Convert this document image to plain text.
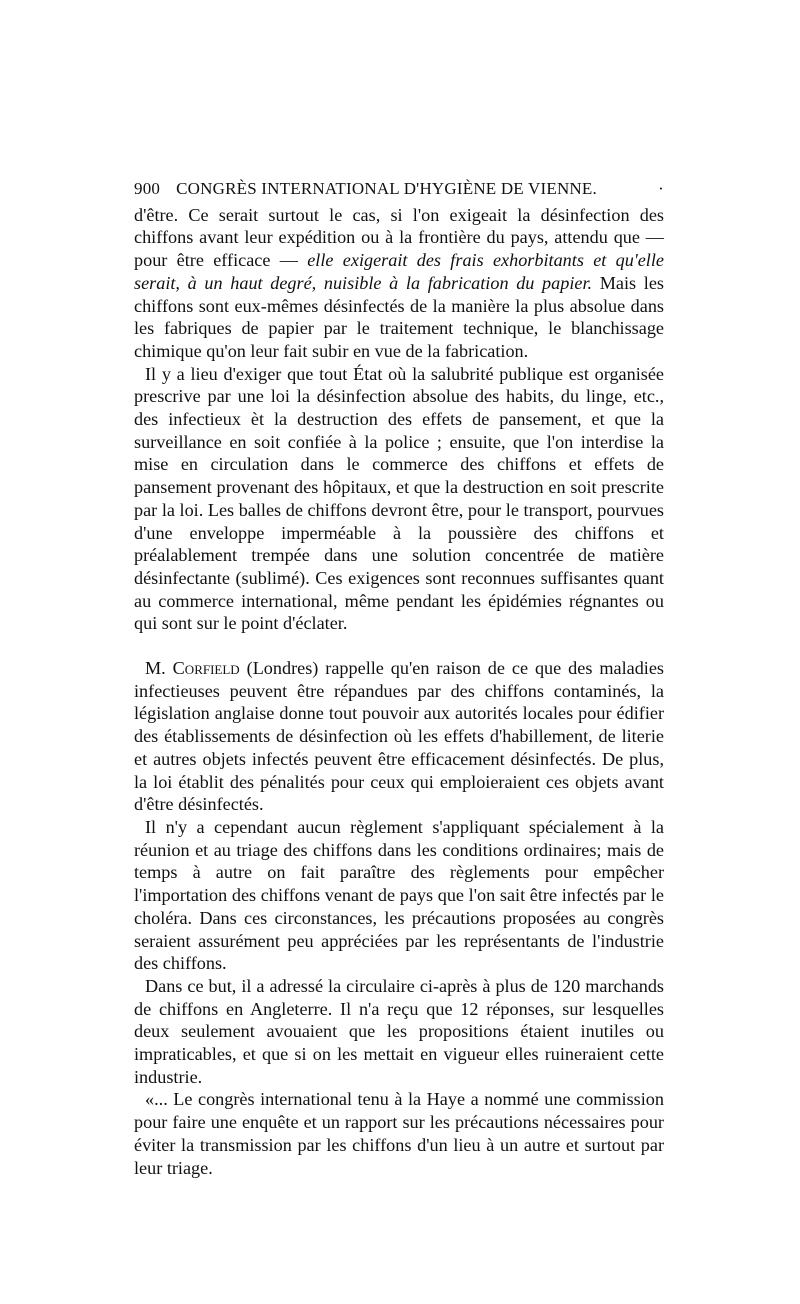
900 CONGRÈS INTERNATIONAL D'HYGIÈNE DE VIENNE.	·

d'être. Ce serait surtout le cas, si l'on exigeait la désinfection des chiffons avant leur expédition ou à la frontière du pays, attendu que — pour être efficace — elle exigerait des frais exhorbitants et qu'elle serait, à un haut degré, nuisible à la fabrication du papier. Mais les chiffons sont eux-mêmes désinfectés de la manière la plus absolue dans les fabriques de papier par le traitement technique, le blanchissage chimique qu'on leur fait subir en vue de la fabrication.

Il y a lieu d'exiger que tout État où la salubrité publique est organisée prescrive par une loi la désinfection absolue des habits, du linge, etc., des infectieux èt la destruction des effets de pansement, et que la surveillance en soit confiée à la police ; ensuite, que l'on interdise la mise en circulation dans le commerce des chiffons et effets de pansement provenant des hôpitaux, et que la destruction en soit prescrite par la loi. Les balles de chiffons devront être, pour le transport, pourvues d'une enveloppe imperméable à la poussière des chiffons et préalablement trempée dans une solution concentrée de matière désinfectante (sublimé). Ces exigences sont reconnues suffisantes quant au commerce international, même pendant les épidémies régnantes ou qui sont sur le point d'éclater.

M. Corfield (Londres) rappelle qu'en raison de ce que des maladies infectieuses peuvent être répandues par des chiffons contaminés, la législation anglaise donne tout pouvoir aux autorités locales pour édifier des établissements de désinfection où les effets d'habillement, de literie et autres objets infectés peuvent être efficacement désinfectés. De plus, la loi établit des pénalités pour ceux qui emploieraient ces objets avant d'être désinfectés.

Il n'y a cependant aucun règlement s'appliquant spécialement à la réunion et au triage des chiffons dans les conditions ordinaires; mais de temps à autre on fait paraître des règlements pour empêcher l'importation des chiffons venant de pays que l'on sait être infectés par le choléra. Dans ces circonstances, les précautions proposées au congrès seraient assurément peu appréciées par les représentants de l'industrie des chiffons.

Dans ce but, il a adressé la circulaire ci-après à plus de 120 marchands de chiffons en Angleterre. Il n'a reçu que 12 réponses, sur lesquelles deux seulement avouaient que les propositions étaient inutiles ou impraticables, et que si on les mettait en vigueur elles ruineraient cette industrie.

«... Le congrès international tenu à la Haye a nommé une commission pour faire une enquête et un rapport sur les précautions nécessaires pour éviter la transmission par les chiffons d'un lieu à un autre et surtout par leur triage.
